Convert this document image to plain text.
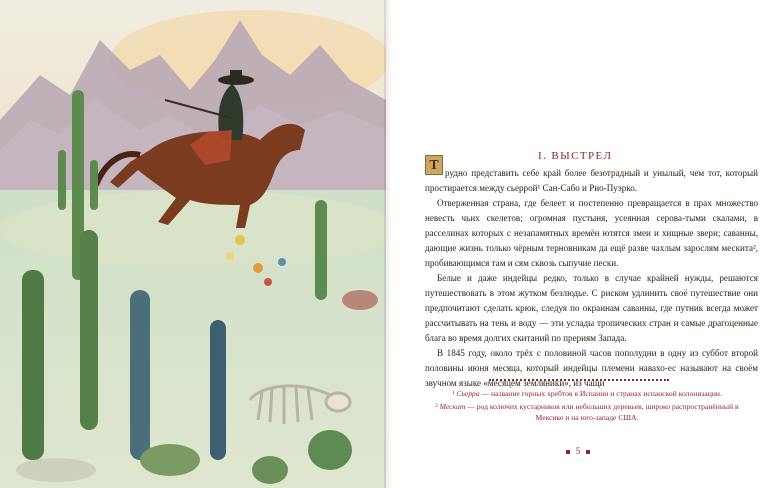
I. ВЫСТРЕЛ
Т рудно представить себе край более безотрадный и унылый, чем тот, который простирается между сьеррой¹ Сан-Сабо и Рио-Пуэрко.

Отверженная страна, где белеет и постепенно превращается в прах множество невесть чьих скелетов; огромная пустыня, усеянная серовa-тыми скалами, в расселинах которых с незапамятных времён ютятся змеи и хищные звери; саванны, дающие жизнь только чёрным терновникам да ещё разве чахлым зарослям мескита², пробивающимся там и сям сквозь сыпучие пески.

Белые и даже индейцы редко, только в случае крайней нужды, решаются путешествовать в этом жутком безлюдье. С риском удлинить своё путешествие они предпочитают сделать крюк, следуя по окраинам саванны, где путник всегда может рассчитывать на тень и воду — эти услады тропических стран и самые драгоценные блага во время долгих скитаний по прериям Запада.

В 1845 году, около трёх с половиной часов пополудни в одну из суббот второй половины июня месяца, который индейцы племени навахо-ес называют на своём звучном языке «месяцем земляники», из чащи

¹ Сьерра — название горных хребтов в Испании и странах испанской колонизации.

² Мескит — род колючих кустарников или небольших деревьев, широко распространённый в Мексике и на юго-западе США.

5
